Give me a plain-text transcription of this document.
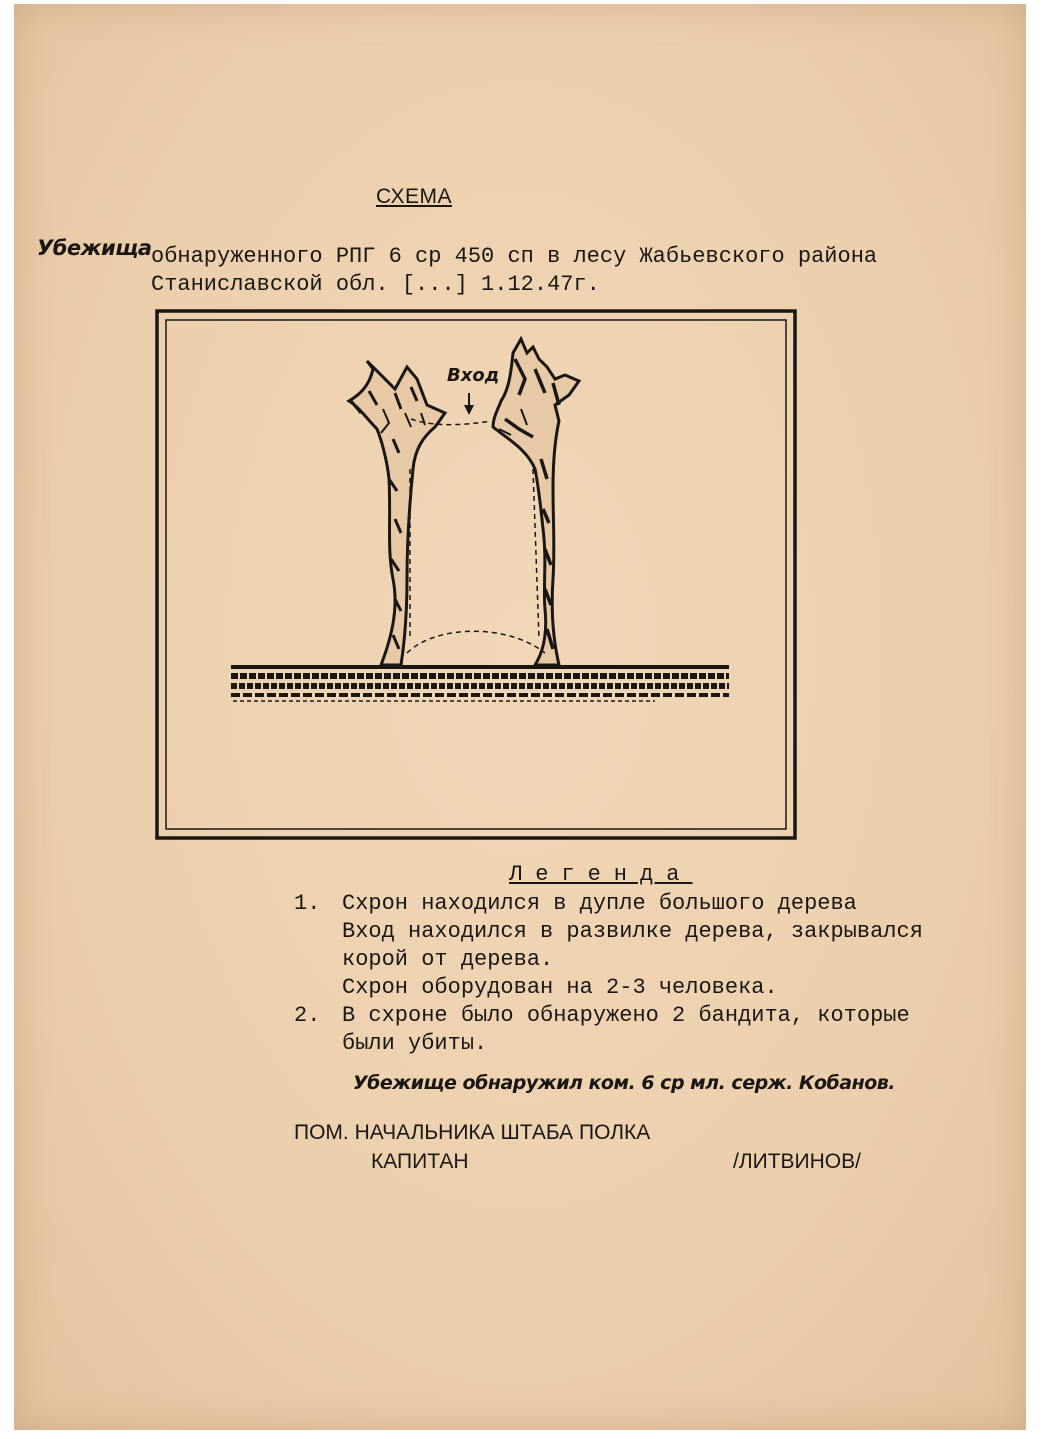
СХЕМА
Убежища обнаруженного РПГ 6 ср 450 сп в лесу Жабьевского района
Станиславской обл. [...] 1.12.47г.
Вход
Легенда
1. Схрон находился в дупле большого дерева
Вход находился в развилке дерева, закрывался
корой от дерева.
Схрон оборудован на 2-3 человека.
2. В схроне было обнаружено 2 бандита, которые
были убиты.
Убежище обнаружил ком. 6 ср мл. серж. Кобанов.
ПОМ. НАЧАЛЬНИКА ШТАБА ПОЛКА
КАПИТАН	/ЛИТВИНОВ/
